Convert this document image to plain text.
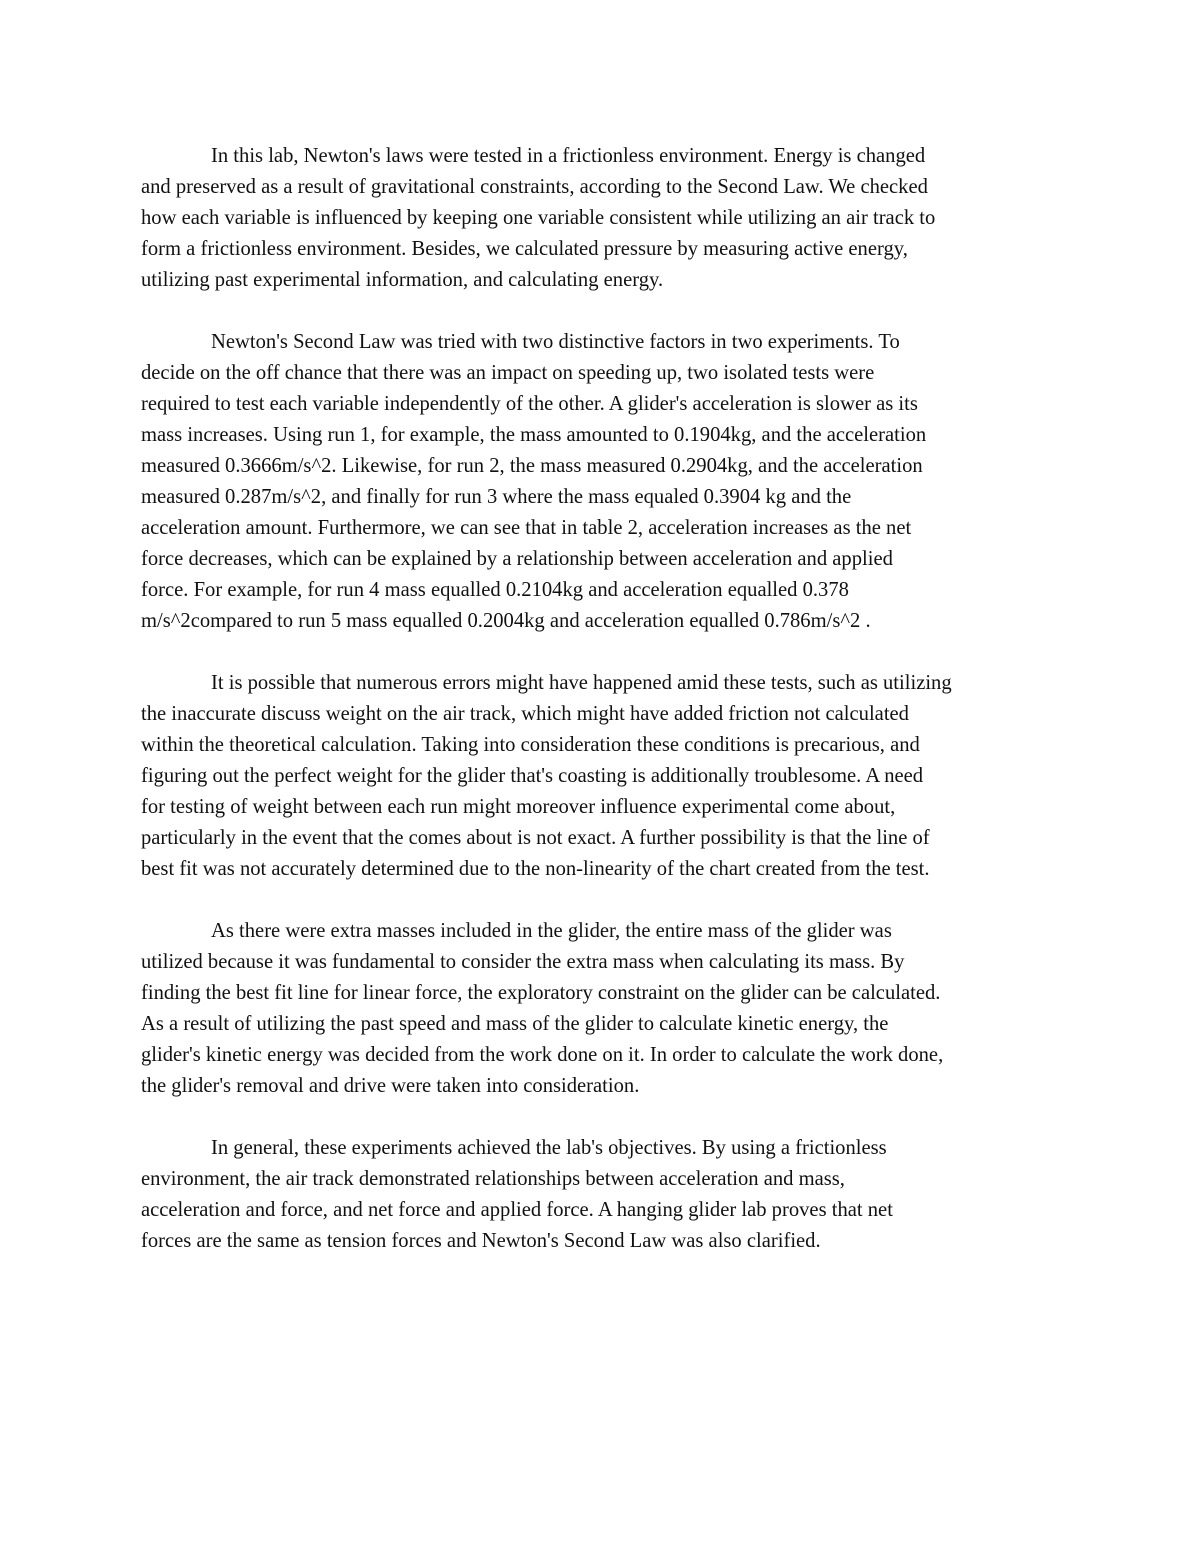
In this lab, Newton's laws were tested in a frictionless environment. Energy is changed
and preserved as a result of gravitational constraints, according to the Second Law. We checked
how each variable is influenced by keeping one variable consistent while utilizing an air track to
form a frictionless environment. Besides, we calculated pressure by measuring active energy,
utilizing past experimental information, and calculating energy.
Newton's Second Law was tried with two distinctive factors in two experiments. To
decide on the off chance that there was an impact on speeding up, two isolated tests were
required to test each variable independently of the other. A glider's acceleration is slower as its
mass increases. Using run 1, for example, the mass amounted to 0.1904kg, and the acceleration
measured 0.3666m/s^2. Likewise, for run 2, the mass measured 0.2904kg, and the acceleration
measured 0.287m/s^2, and finally for run 3 where the mass equaled 0.3904 kg and the
acceleration amount. Furthermore, we can see that in table 2, acceleration increases as the net
force decreases, which can be explained by a relationship between acceleration and applied
force. For example, for run 4 mass equalled 0.2104kg and acceleration equalled 0.378
m/s^2compared to run 5 mass equalled 0.2004kg and acceleration equalled 0.786m/s^2 .
It is possible that numerous errors might have happened amid these tests, such as utilizing
the inaccurate discuss weight on the air track, which might have added friction not calculated
within the theoretical calculation. Taking into consideration these conditions is precarious, and
figuring out the perfect weight for the glider that's coasting is additionally troublesome. A need
for testing of weight between each run might moreover influence experimental come about,
particularly in the event that the comes about is not exact. A further possibility is that the line of
best fit was not accurately determined due to the non-linearity of the chart created from the test.
As there were extra masses included in the glider, the entire mass of the glider was
utilized because it was fundamental to consider the extra mass when calculating its mass. By
finding the best fit line for linear force, the exploratory constraint on the glider can be calculated.
As a result of utilizing the past speed and mass of the glider to calculate kinetic energy, the
glider's kinetic energy was decided from the work done on it. In order to calculate the work done,
the glider's removal and drive were taken into consideration.
In general, these experiments achieved the lab's objectives. By using a frictionless
environment, the air track demonstrated relationships between acceleration and mass,
acceleration and force, and net force and applied force. A hanging glider lab proves that net
forces are the same as tension forces and Newton's Second Law was also clarified.
